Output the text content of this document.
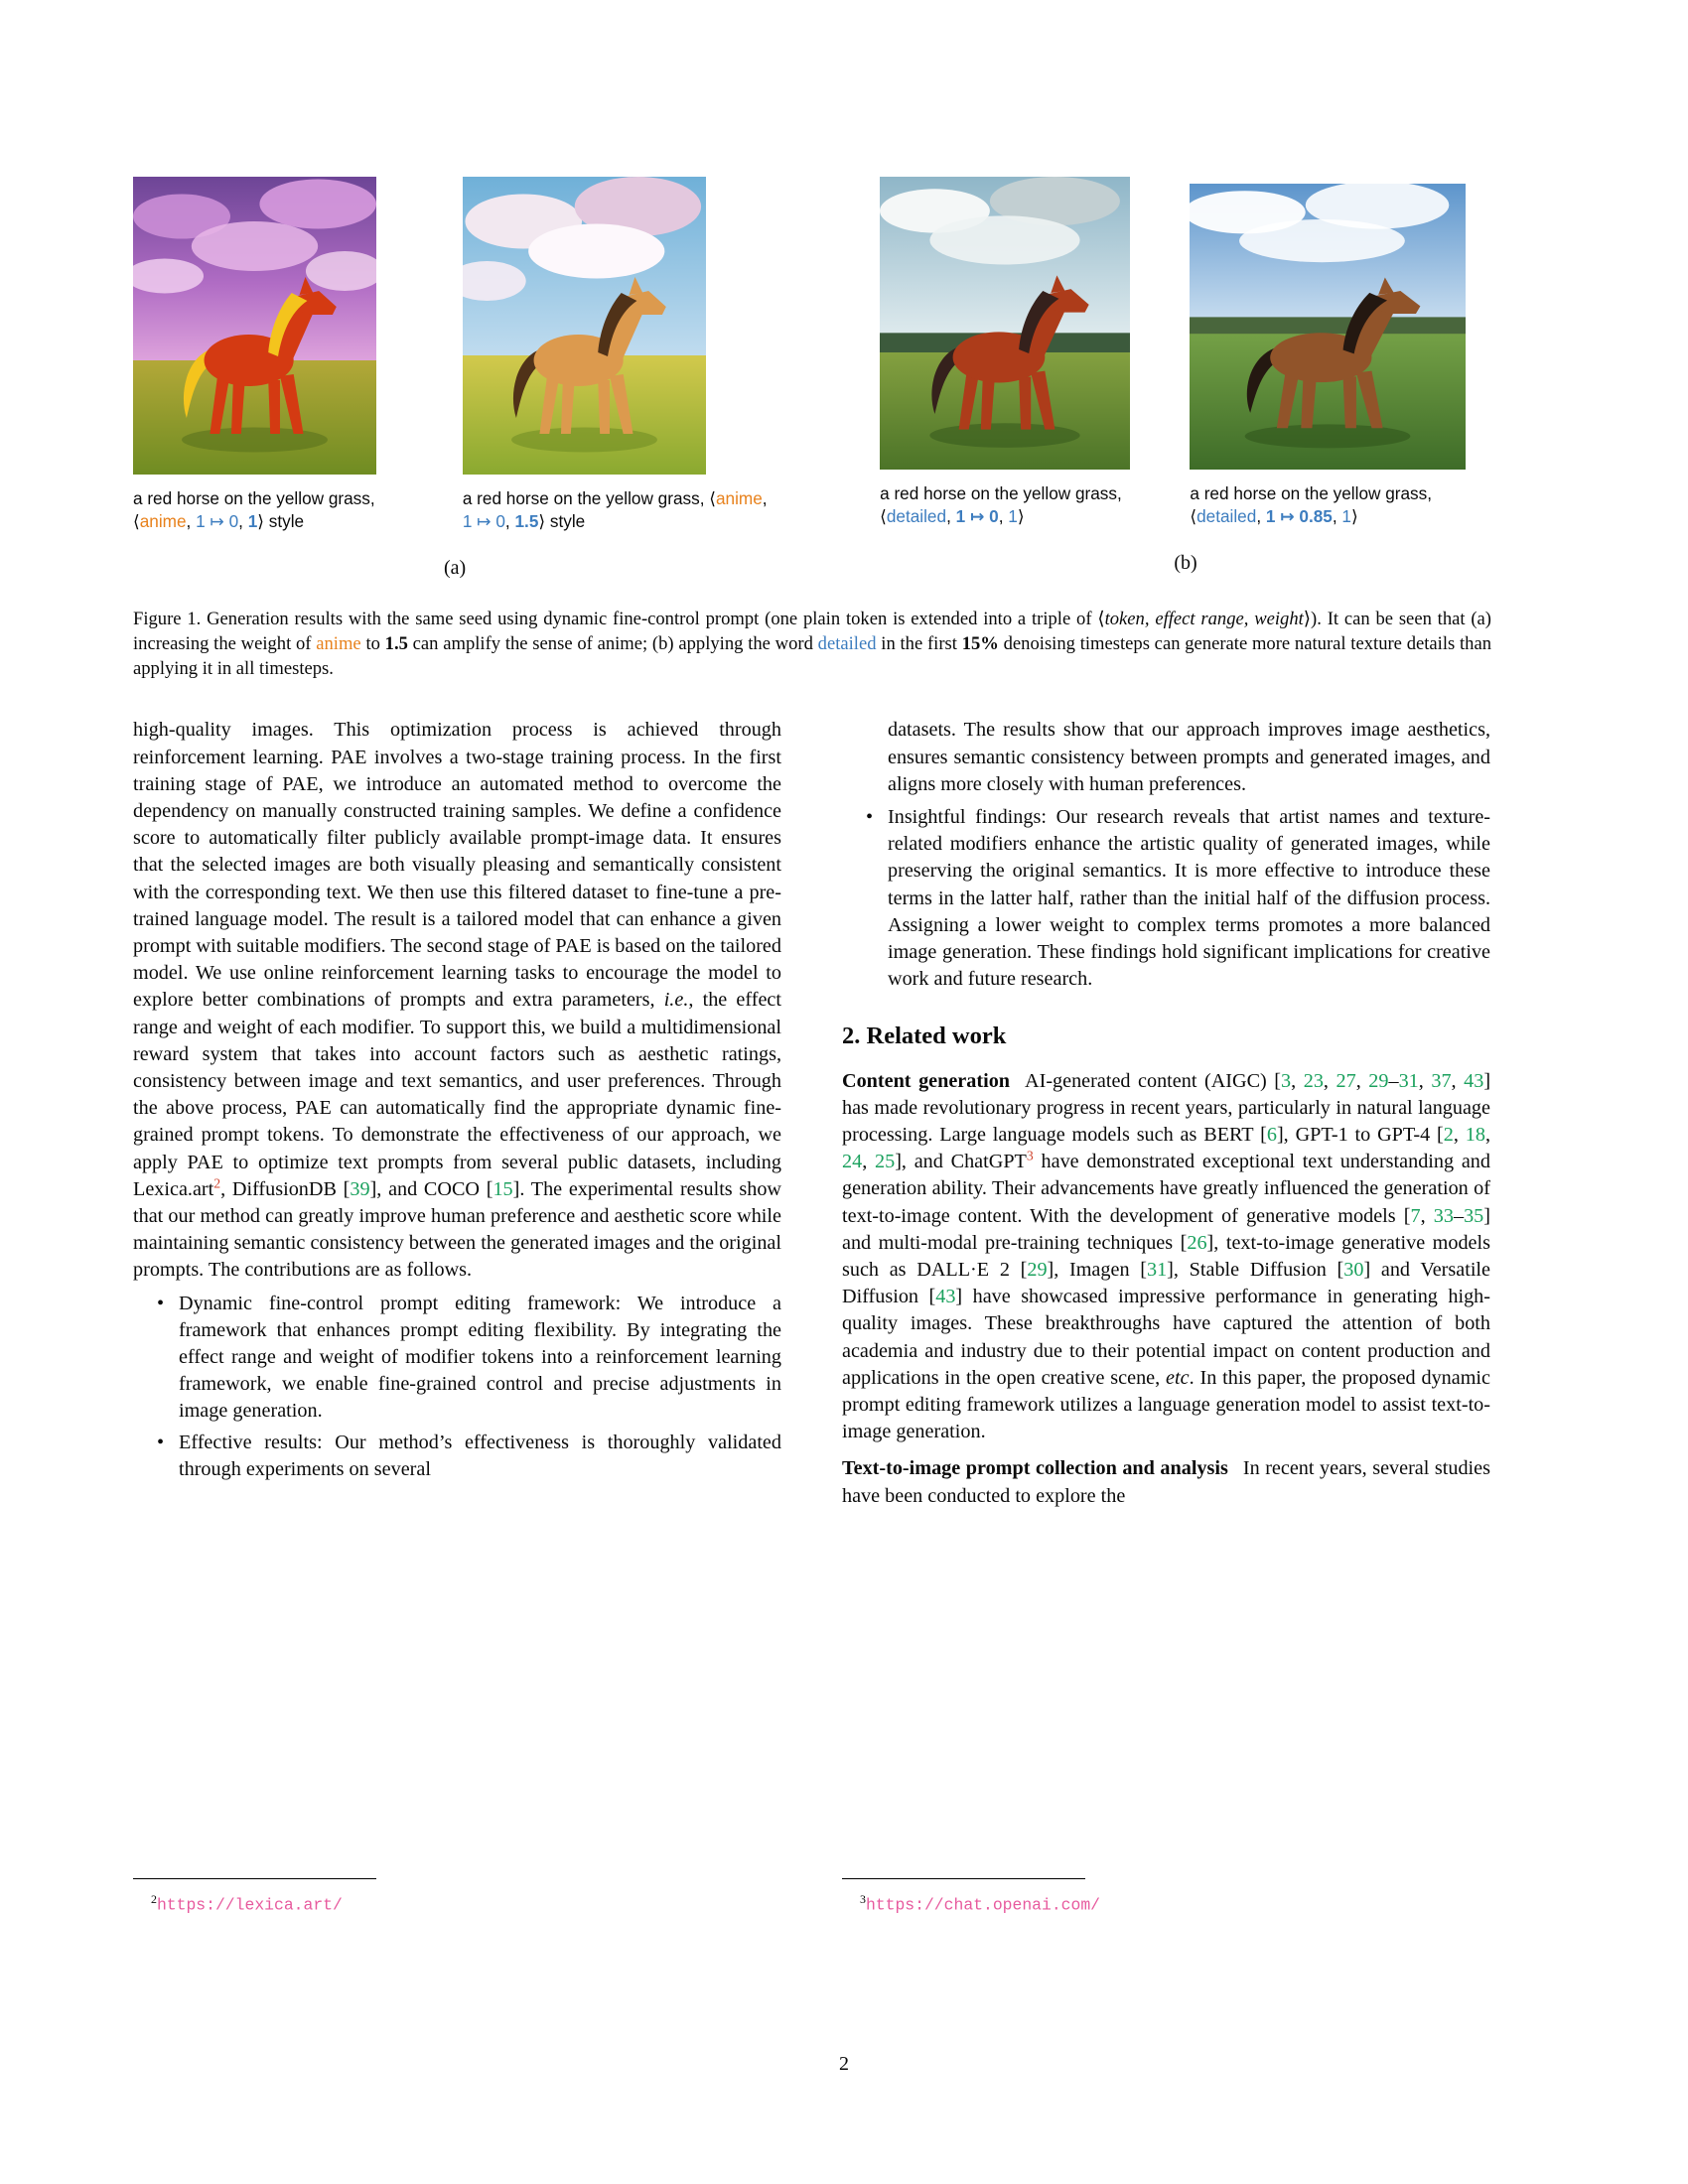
a red horse on the yellow grass, ⟨anime, 1 ↦ 0, 1⟩ style
a red horse on the yellow grass, ⟨anime, 1 ↦ 0, 1.5⟩ style
(a)
a red horse on the yellow grass, ⟨detailed, 1 ↦ 0, 1⟩
a red horse on the yellow grass, ⟨detailed, 1 ↦ 0.85, 1⟩
(b)
Figure 1. Generation results with the same seed using dynamic fine-control prompt (one plain token is extended into a triple of ⟨token, effect range, weight⟩). It can be seen that (a) increasing the weight of anime to 1.5 can amplify the sense of anime; (b) applying the word detailed in the first 15% denoising timesteps can generate more natural texture details than applying it in all timesteps.

high-quality images. This optimization process is achieved through reinforcement learning. PAE involves a two-stage training process. In the first training stage of PAE, we introduce an automated method to overcome the dependency on manually constructed training samples. We define a confidence score to automatically filter publicly available prompt-image data. It ensures that the selected images are both visually pleasing and semantically consistent with the corresponding text. We then use this filtered dataset to fine-tune a pre-trained language model. The result is a tailored model that can enhance a given prompt with suitable modifiers. The second stage of PAE is based on the tailored model. We use online reinforcement learning tasks to encourage the model to explore better combinations of prompts and extra parameters, i.e., the effect range and weight of each modifier. To support this, we build a multidimensional reward system that takes into account factors such as aesthetic ratings, consistency between image and text semantics, and user preferences. Through the above process, PAE can automatically find the appropriate dynamic fine-grained prompt tokens. To demonstrate the effectiveness of our approach, we apply PAE to optimize text prompts from several public datasets, including Lexica.art$^2$, DiffusionDB [39], and COCO [15]. The experimental results show that our method can greatly improve human preference and aesthetic score while maintaining semantic consistency between the generated images and the original prompts. The contributions are as follows.

• Dynamic fine-control prompt editing framework: We introduce a framework that enhances prompt editing flexibility. By integrating the effect range and weight of modifier tokens into a reinforcement learning framework, we enable fine-grained control and precise adjustments in image generation.
• Effective results: Our method’s effectiveness is thoroughly validated through experiments on several
datasets. The results show that our approach improves image aesthetics, ensures semantic consistency between prompts and generated images, and aligns more closely with human preferences.
• Insightful findings: Our research reveals that artist names and texture-related modifiers enhance the artistic quality of generated images, while preserving the original semantics. It is more effective to introduce these terms in the latter half, rather than the initial half of the diffusion process. Assigning a lower weight to complex terms promotes a more balanced image generation. These findings hold significant implications for creative work and future research.
2. Related work

Content generation AI-generated content (AIGC) [3, 23, 27, 29–31, 37, 43] has made revolutionary progress in recent years, particularly in natural language processing. Large language models such as BERT [6], GPT-1 to GPT-4 [2, 18, 24, 25], and ChatGPT$^3$ have demonstrated exceptional text understanding and generation ability. Their advancements have greatly influenced the generation of text-to-image content. With the development of generative models [7, 33–35] and multi-modal pre-training techniques [26], text-to-image generative models such as DALL·E 2 [29], Imagen [31], Stable Diffusion [30] and Versatile Diffusion [43] have showcased impressive performance in generating high-quality images. These breakthroughs have captured the attention of both academia and industry due to their potential impact on content production and applications in the open creative scene, etc. In this paper, the proposed dynamic prompt editing framework utilizes a language generation model to assist text-to-image generation.

Text-to-image prompt collection and analysis In recent years, several studies have been conducted to explore the

$^2$https://lexica.art/	$^3$https://chat.openai.com/
2
